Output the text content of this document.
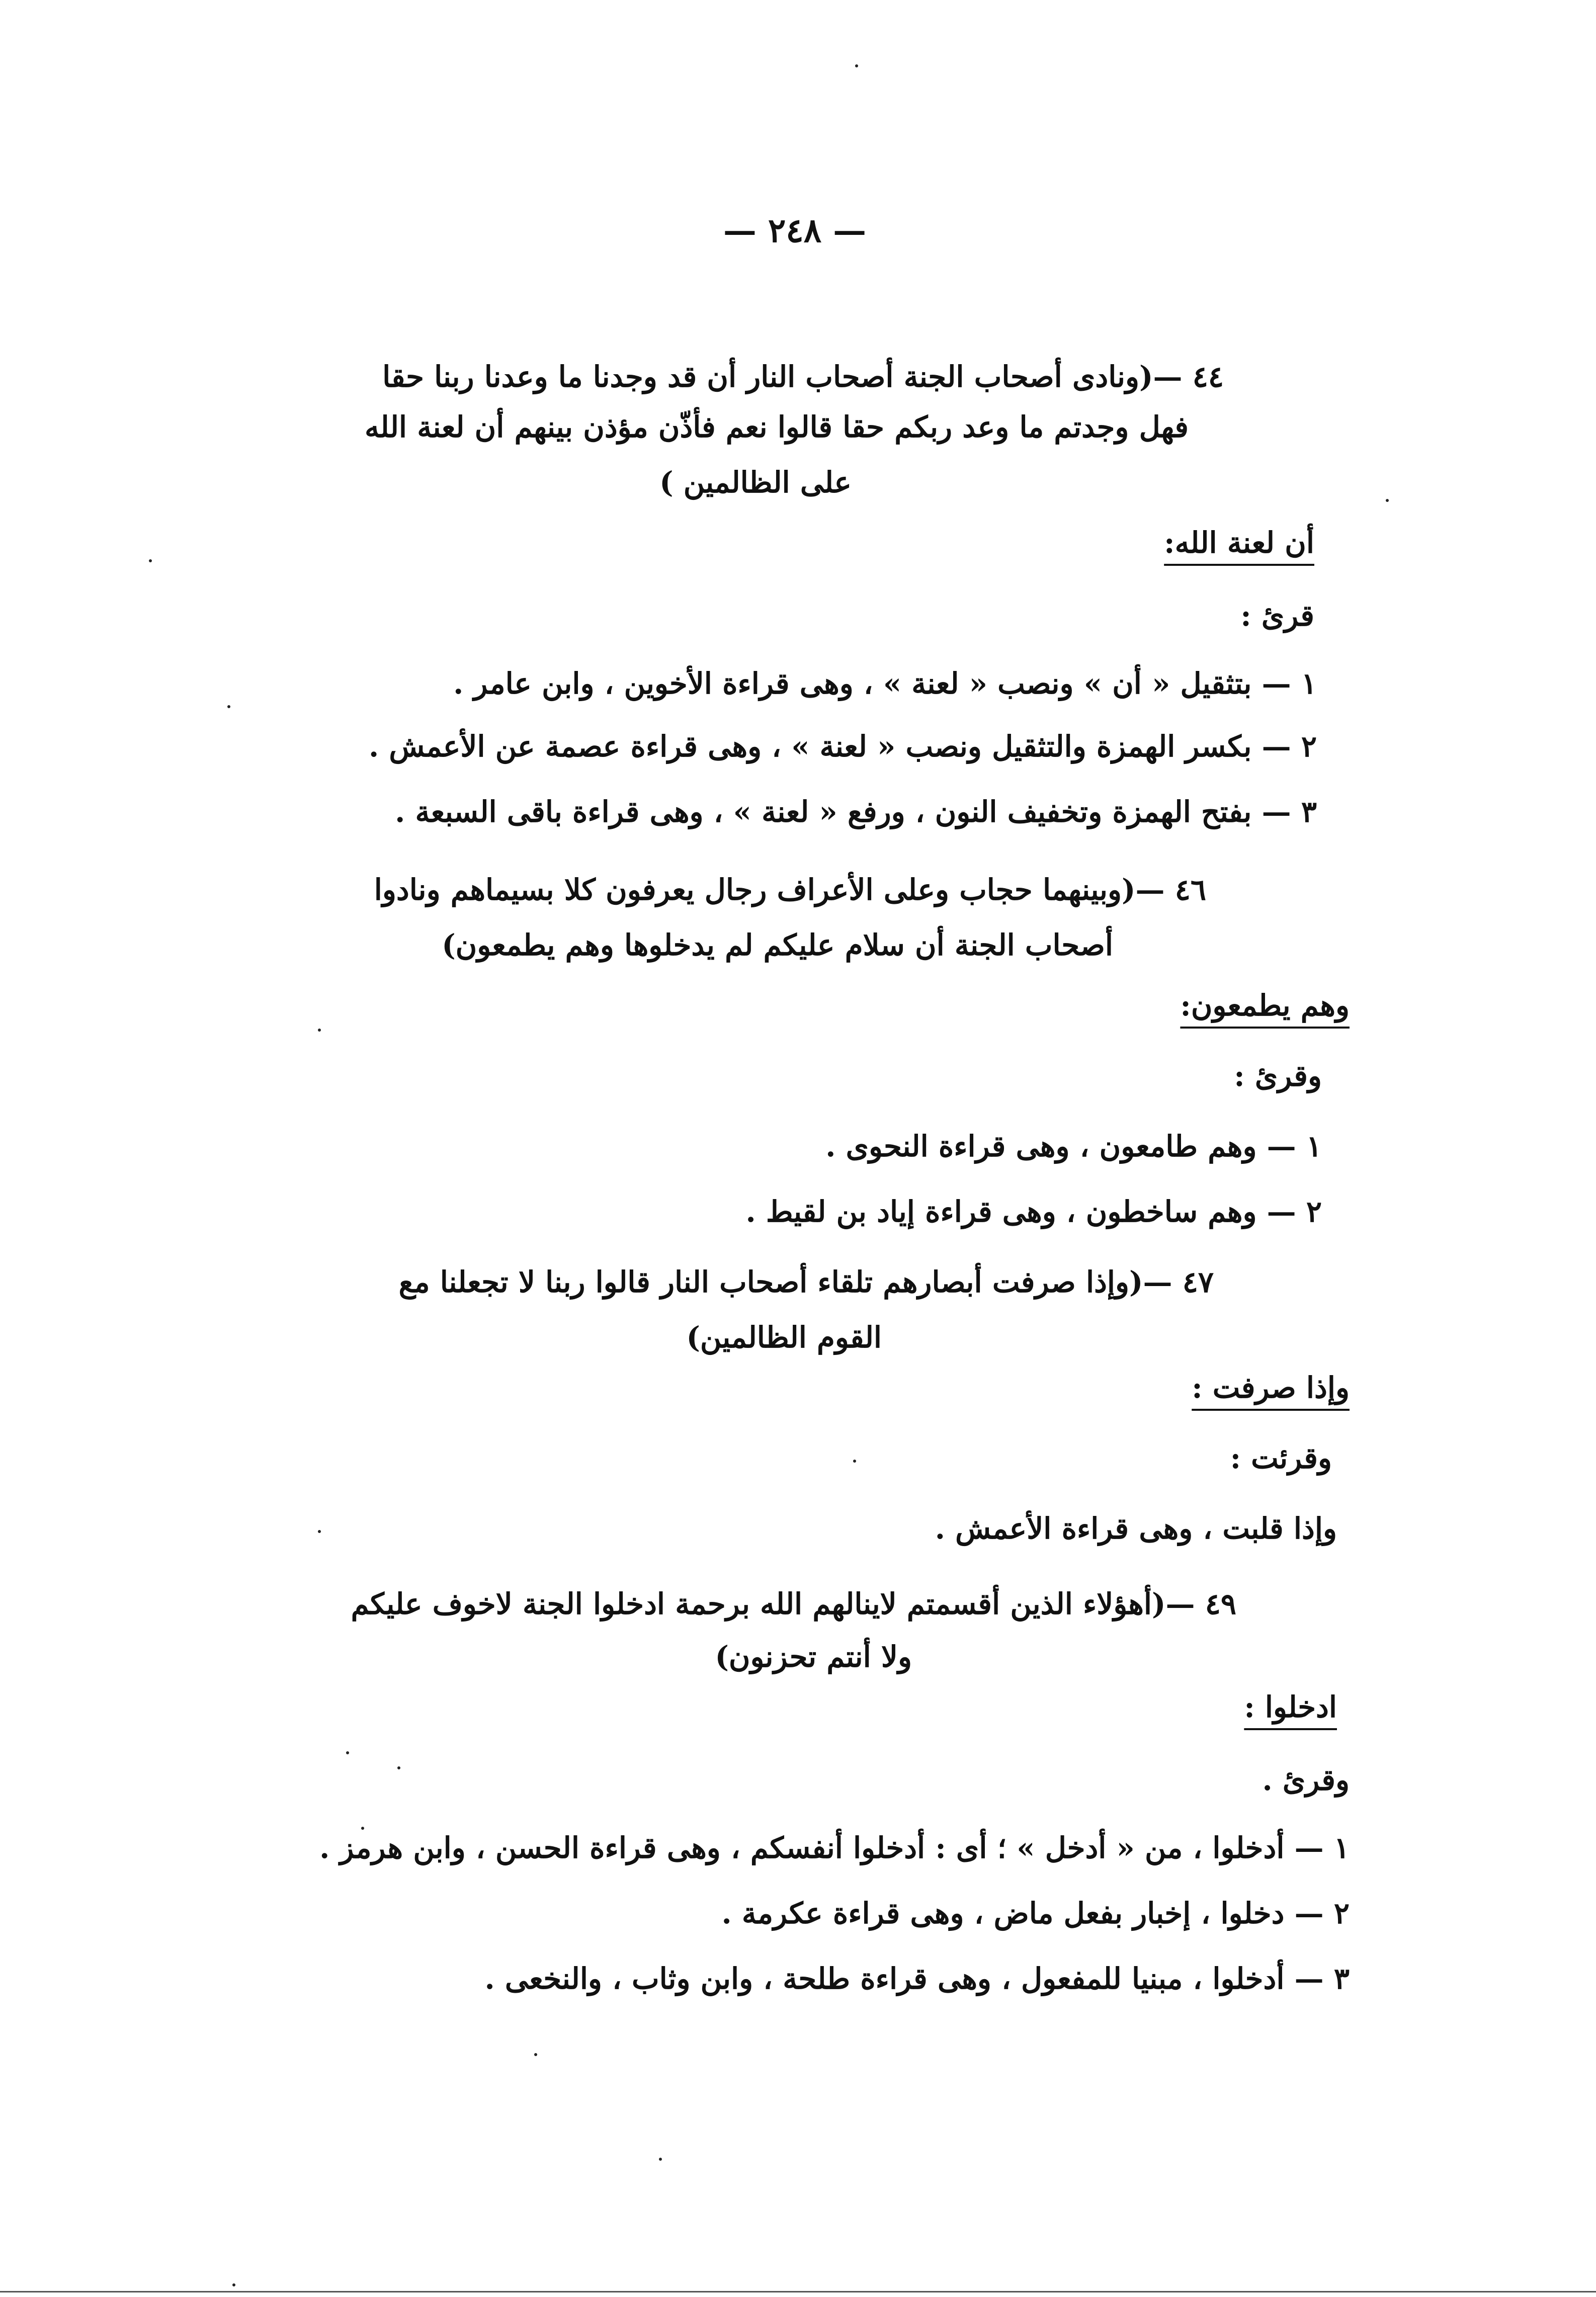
— ٢٤٨ —
٤٤ —(ونادى أصحاب الجنة أصحاب النار أن قد وجدنا ما وعدنا ربنا حقا
فهل وجدتم ما وعد ربكم حقا قالوا نعم فأذّن مؤذن بينهم أن لعنة الله
على الظالمين )
أن لعنة الله:
قرئ :
١ — بتثقيل « أن » ونصب « لعنة » ، وهى قراءة الأخوين ، وابن عامر .
٢ — بكسر الهمزة والتثقيل ونصب « لعنة » ، وهى قراءة عصمة عن الأعمش .
٣ — بفتح الهمزة وتخفيف النون ، ورفع « لعنة » ، وهى قراءة باقى السبعة .
٤٦ —(وبينهما حجاب وعلى الأعراف رجال يعرفون كلا بسيماهم ونادوا
أصحاب الجنة أن سلام عليكم لم يدخلوها وهم يطمعون)
وهم يطمعون:
وقرئ :
١ — وهم طامعون ، وهى قراءة النحوى .
٢ — وهم ساخطون ، وهى قراءة إياد بن لقيط .
٤٧ —(وإذا صرفت أبصارهم تلقاء أصحاب النار قالوا ربنا لا تجعلنا مع
القوم الظالمين)
وإذا صرفت :
وقرئت :
وإذا قلبت ، وهى قراءة الأعمش .
٤٩ —(أهؤلاء الذين أقسمتم لاينالهم الله برحمة ادخلوا الجنة لاخوف عليكم
ولا أنتم تحزنون)
ادخلوا :
وقرئ .
١ — أدخلوا ، من « أدخل » ؛ أى : أدخلوا أنفسكم ، وهى قراءة الحسن ، وابن هرمز .
٢ — دخلوا ، إخبار بفعل ماض ، وهى قراءة عكرمة .
٣ — أدخلوا ، مبنيا للمفعول ، وهى قراءة طلحة ، وابن وثاب ، والنخعى .
